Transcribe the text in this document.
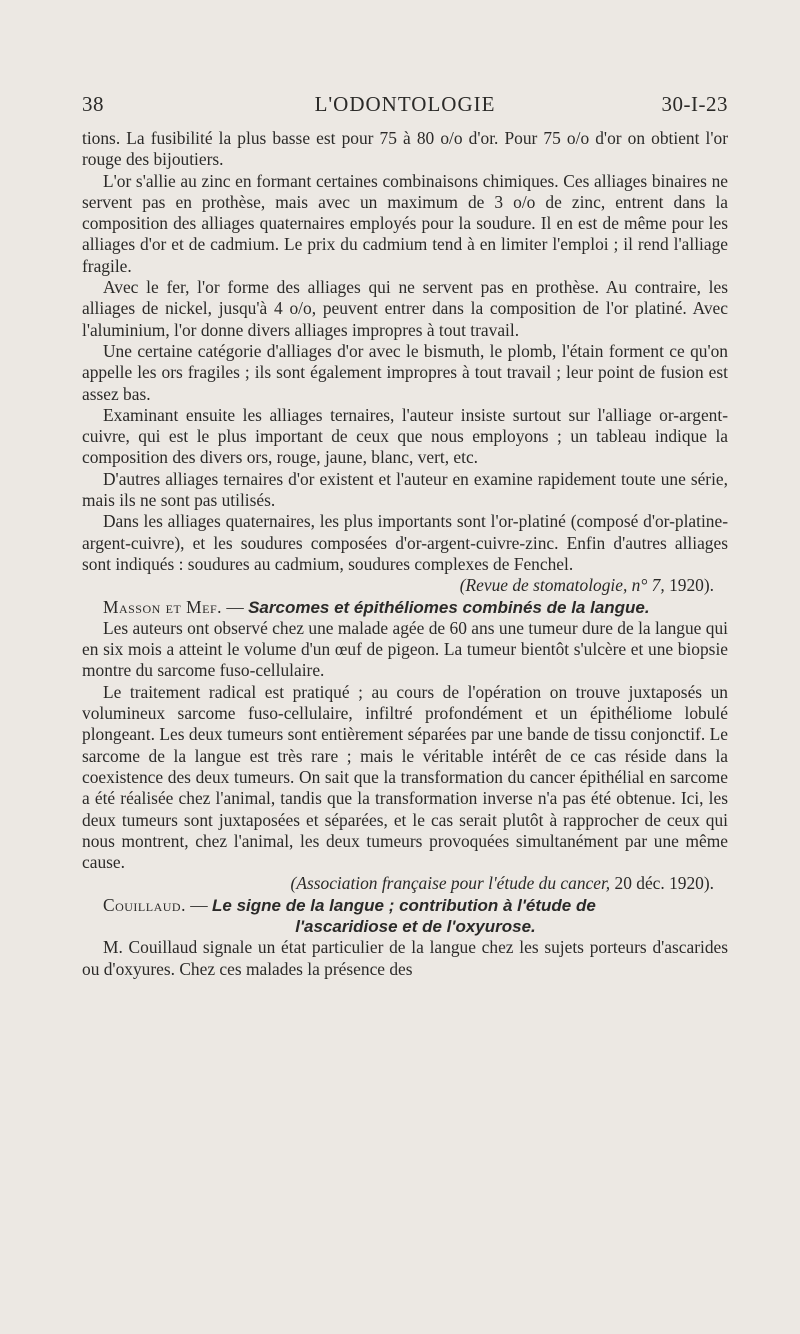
38	L'ODONTOLOGIE	30-I-23

tions. La fusibilité la plus basse est pour 75 à 80 o/o d'or. Pour 75 o/o d'or on obtient l'or rouge des bijoutiers.

L'or s'allie au zinc en formant certaines combinaisons chimiques. Ces alliages binaires ne servent pas en prothèse, mais avec un maximum de 3 o/o de zinc, entrent dans la composition des alliages quaternaires employés pour la soudure. Il en est de même pour les alliages d'or et de cadmium. Le prix du cadmium tend à en limiter l'emploi ; il rend l'alliage fragile.

Avec le fer, l'or forme des alliages qui ne servent pas en prothèse. Au contraire, les alliages de nickel, jusqu'à 4 o/o, peuvent entrer dans la composition de l'or platiné. Avec l'aluminium, l'or donne divers alliages impropres à tout travail.

Une certaine catégorie d'alliages d'or avec le bismuth, le plomb, l'étain forment ce qu'on appelle les ors fragiles ; ils sont également impropres à tout travail ; leur point de fusion est assez bas.

Examinant ensuite les alliages ternaires, l'auteur insiste surtout sur l'alliage or-argent-cuivre, qui est le plus important de ceux que nous employons ; un tableau indique la composition des divers ors, rouge, jaune, blanc, vert, etc.

D'autres alliages ternaires d'or existent et l'auteur en examine rapidement toute une série, mais ils ne sont pas utilisés.

Dans les alliages quaternaires, les plus importants sont l'or-platiné (composé d'or-platine-argent-cuivre), et les soudures composées d'or-argent-cuivre-zinc. Enfin d'autres alliages sont indiqués : soudures au cadmium, soudures complexes de Fenchel.

(Revue de stomatologie, n° 7, 1920).

Masson et Mef. — Sarcomes et épithéliomes combinés de la langue.

Les auteurs ont observé chez une malade agée de 60 ans une tumeur dure de la langue qui en six mois a atteint le volume d'un œuf de pigeon. La tumeur bientôt s'ulcère et une biopsie montre du sarcome fuso-cellulaire.

Le traitement radical est pratiqué ; au cours de l'opération on trouve juxtaposés un volumineux sarcome fuso-cellulaire, infiltré profondément et un épithéliome lobulé plongeant. Les deux tumeurs sont entièrement séparées par une bande de tissu conjonctif. Le sarcome de la langue est très rare ; mais le véritable intérêt de ce cas réside dans la coexistence des deux tumeurs. On sait que la transformation du cancer épithélial en sarcome a été réalisée chez l'animal, tandis que la transformation inverse n'a pas été obtenue. Ici, les deux tumeurs sont juxtaposées et séparées, et le cas serait plutôt à rapprocher de ceux qui nous montrent, chez l'animal, les deux tumeurs provoquées simultanément par une même cause.

(Association française pour l'étude du cancer, 20 déc. 1920).

Couillaud. — Le signe de la langue ; contribution à l'étude de
l'ascaridiose et de l'oxyurose.

M. Couillaud signale un état particulier de la langue chez les sujets porteurs d'ascarides ou d'oxyures. Chez ces malades la présence des
